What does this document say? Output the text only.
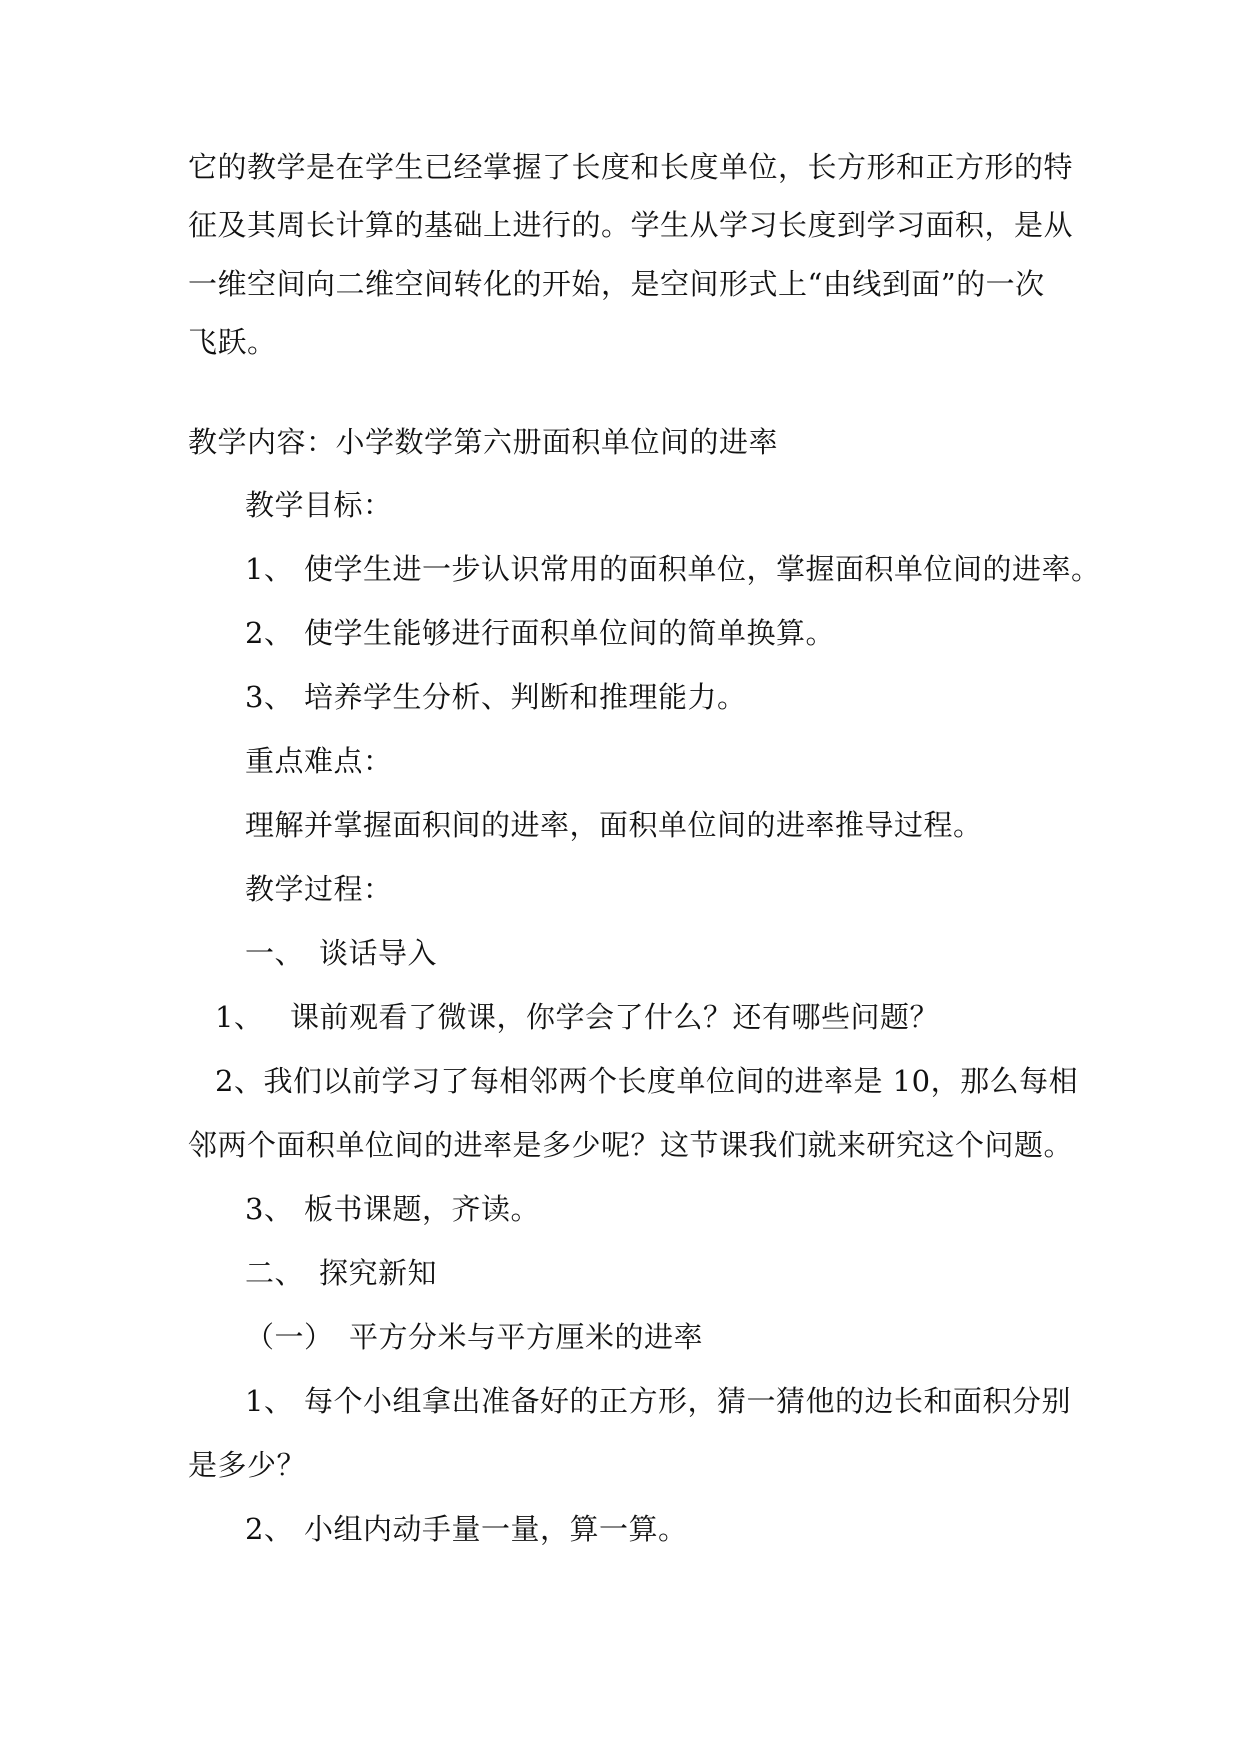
它的教学是在学生已经掌握了长度和长度单位，长方形和正方形的特
征及其周长计算的基础上进行的。学生从学习长度到学习面积，是从
一维空间向二维空间转化的开始，是空间形式上“由线到面”的一次
飞跃。
教学内容：小学数学第六册面积单位间的进率
教学目标：
1、 使学生进一步认识常用的面积单位，掌握面积单位间的进率。
2、 使学生能够进行面积单位间的简单换算。
3、 培养学生分析、判断和推理能力。
重点难点：
理解并掌握面积间的进率，面积单位间的进率推导过程。
教学过程：
一、 谈话导入
1、 课前观看了微课，你学会了什么？还有哪些问题？
2、我们以前学习了每相邻两个长度单位间的进率是 10，那么每相
邻两个面积单位间的进率是多少呢？这节课我们就来研究这个问题。
3、 板书课题，齐读。
二、 探究新知
（一） 平方分米与平方厘米的进率
1、 每个小组拿出准备好的正方形，猜一猜他的边长和面积分别
是多少？
2、 小组内动手量一量，算一算。
